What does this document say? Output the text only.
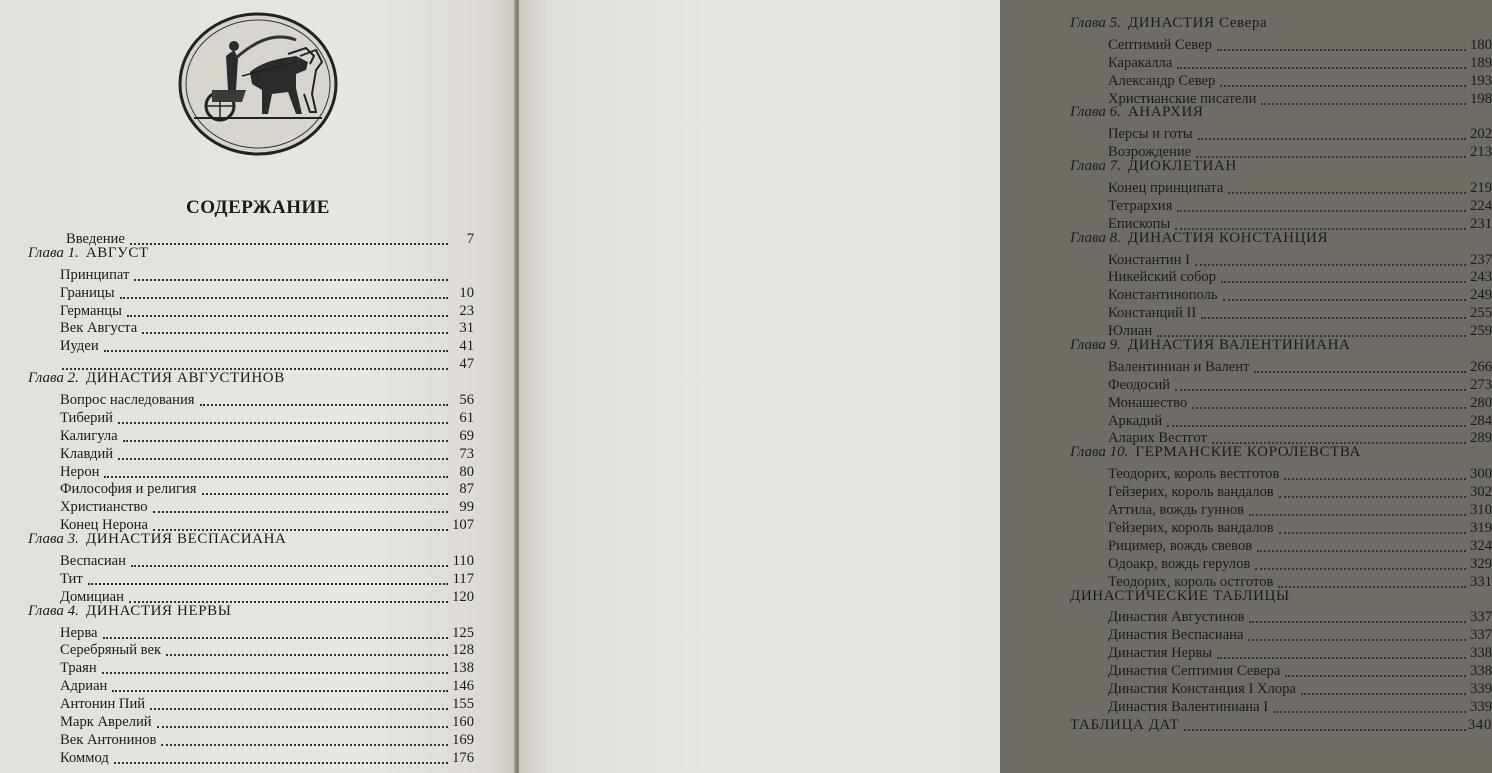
СОДЕРЖАНИЕ
Введение	7
Глава 1. АВГУСТ
Принципат
Границы	10
Германцы	23
Век Августа	31
Иудеи	41
47
Глава 2. ДИНАСТИЯ АВГУСТИНОВ
Вопрос наследования	56
Тиберий	61
Калигула	69
Клавдий	73
Нерон	80
Философия и религия	87
Христианство	99
Конец Нерона	107
Глава 3. ДИНАСТИЯ ВЕСПАСИАНА
Веспасиан	110
Тит	117
Домициан	120
Глава 4. ДИНАСТИЯ НЕРВЫ
Нерва	125
Серебряный век	128
Траян	138
Адриан	146
Антонин Пий	155
Марк Аврелий	160
Век Антонинов	169
Коммод	176
Глава 5. ДИНАСТИЯ Севера
Септимий Север	180
Каракалла	189
Александр Север	193
Христианские писатели	198
Глава 6. АНАРХИЯ
Персы и готы	202
Возрождение	213
Глава 7. ДИОКЛЕТИАН
Конец принципата	219
Тетрархия	224
Епископы	231
Глава 8. ДИНАСТИЯ КОНСТАНЦИЯ
Константин I	237
Никейский собор	243
Константинополь	249
Констанций II	255
Юлиан	259
Глава 9. ДИНАСТИЯ ВАЛЕНТИНИАНА
Валентиниан и Валент	266
Феодосий	273
Монашество	280
Аркадий	284
Аларих Вестгот	289
Глава 10. ГЕРМАНСКИЕ КОРОЛЕВСТВА
Теодорих, король вестготов	300
Гейзерих, король вандалов	302
Аттила, вождь гуннов	310
Гейзерих, король вандалов	319
Рицимер, вождь свевов	324
Одоакр, вождь герулов	329
Теодорих, король остготов	331
ДИНАСТИЧЕСКИЕ ТАБЛИЦЫ
Династия Августинов	337
Династия Веспасиана	337
Династия Нервы	338
Династия Септимия Севера	338
Династия Констанция I Хлора	339
Династия Валентиниана I	339
ТАБЛИЦА ДАТ	340
